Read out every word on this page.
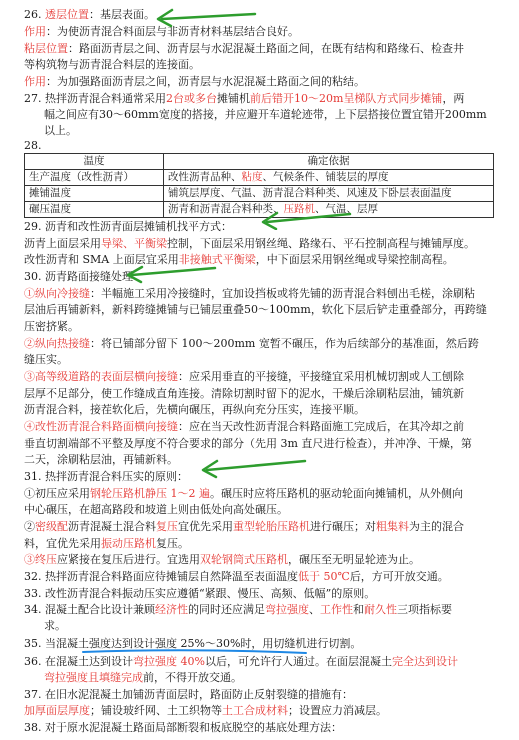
26. 透层位置：基层表面。
作用：为使沥青混合料面层与非沥青材料基层结合良好。
粘层位置：路面沥青层之间、沥青层与水泥混凝土路面之间，在既有结构和路缘石、检查井
等构筑物与沥青混合料层的连接面。
作用：为加强路面沥青层之间，沥青层与水泥混凝土路面之间的粘结。
27. 热拌沥青混合料通常采用2台或多台摊铺机前后错开10～20m呈梯队方式同步摊铺，两
幅之间应有30～60mm宽度的搭接，并应避开车道轮迹带，上下层搭接位置宜错开200mm
以上。
28.
温度	确定依据
生产温度（改性沥青）	改性沥青品种、粘度、气候条件、铺装层的厚度
摊铺温度	铺筑层厚度、气温、沥青混合料种类、风速及下卧层表面温度
碾压温度	沥青和沥青混合料种类、压路机、气温、层厚
29. 沥青和改性沥青面层摊铺机找平方式：
沥青上面层采用导梁、平衡梁控制，下面层采用钢丝绳、路缘石、平石控制高程与摊铺厚度。
改性沥青和 SMA 上面层宜采用非接触式平衡梁，中下面层采用钢丝绳或导梁控制高程。
30. 沥青路面接缝处理：
①纵向冷接缝：半幅施工采用冷接缝时，宜加设挡板或将先铺的沥青混合料刨出毛槎，涂刷粘
层油后再铺新料，新料跨缝摊铺与已铺层重叠50～100mm，软化下层后铲走重叠部分，再跨缝
压密挤紧。
②纵向热接缝：将已铺部分留下 100～200mm 宽暂不碾压，作为后续部分的基准面，然后跨
缝压实。
③高等级道路的表面层横向接缝：应采用垂直的平接缝，平接缝宜采用机械切割或人工刨除
层厚不足部分，使工作缝成直角连接。清除切割时留下的泥水，干燥后涂刷粘层油，铺筑新
沥青混合料，接茬软化后，先横向碾压，再纵向充分压实，连接平顺。
④改性沥青混合料路面横向接缝：应在当天改性沥青混合料路面施工完成后，在其冷却之前
垂直切割端部不平整及厚度不符合要求的部分（先用 3m 直尺进行检查），并冲净、干燥，第
二天，涂刷粘层油，再铺新料。
31. 热拌沥青混合料压实的原则：
①初压应采用钢轮压路机静压 1～2 遍。碾压时应将压路机的驱动轮面向摊铺机，从外侧向
中心碾压，在超高路段和坡道上则由低处向高处碾压。
②密级配沥青混凝土混合料复压宜优先采用重型轮胎压路机进行碾压；对粗集料为主的混合
料，宜优先采用振动压路机复压。
③终压应紧接在复压后进行。宜选用双轮钢筒式压路机，碾压至无明显轮迹为止。
32. 热拌沥青混合料路面应待摊铺层自然降温至表面温度低于 50℃后，方可开放交通。
33. 改性沥青混合料振动压实应遵循“紧跟、慢压、高频、低幅”的原则。
34. 混凝土配合比设计兼顾经济性的同时还应满足弯拉强度、工作性和耐久性三项指标要
求。
35. 当混凝土强度达到设计强度 25%～30%时，用切缝机进行切割。
36. 在混凝土达到设计弯拉强度 40%以后，可允许行人通过。在面层混凝土完全达到设计
弯拉强度且填缝完成前，不得开放交通。
37. 在旧水泥混凝土加铺沥青面层时，路面防止反射裂缝的措施有：
加厚面层厚度；铺设玻纤网、土工织物等土工合成材料；设置应力消减层。
38. 对于原水泥混凝土路面局部断裂和板底脱空的基底处理方法：
